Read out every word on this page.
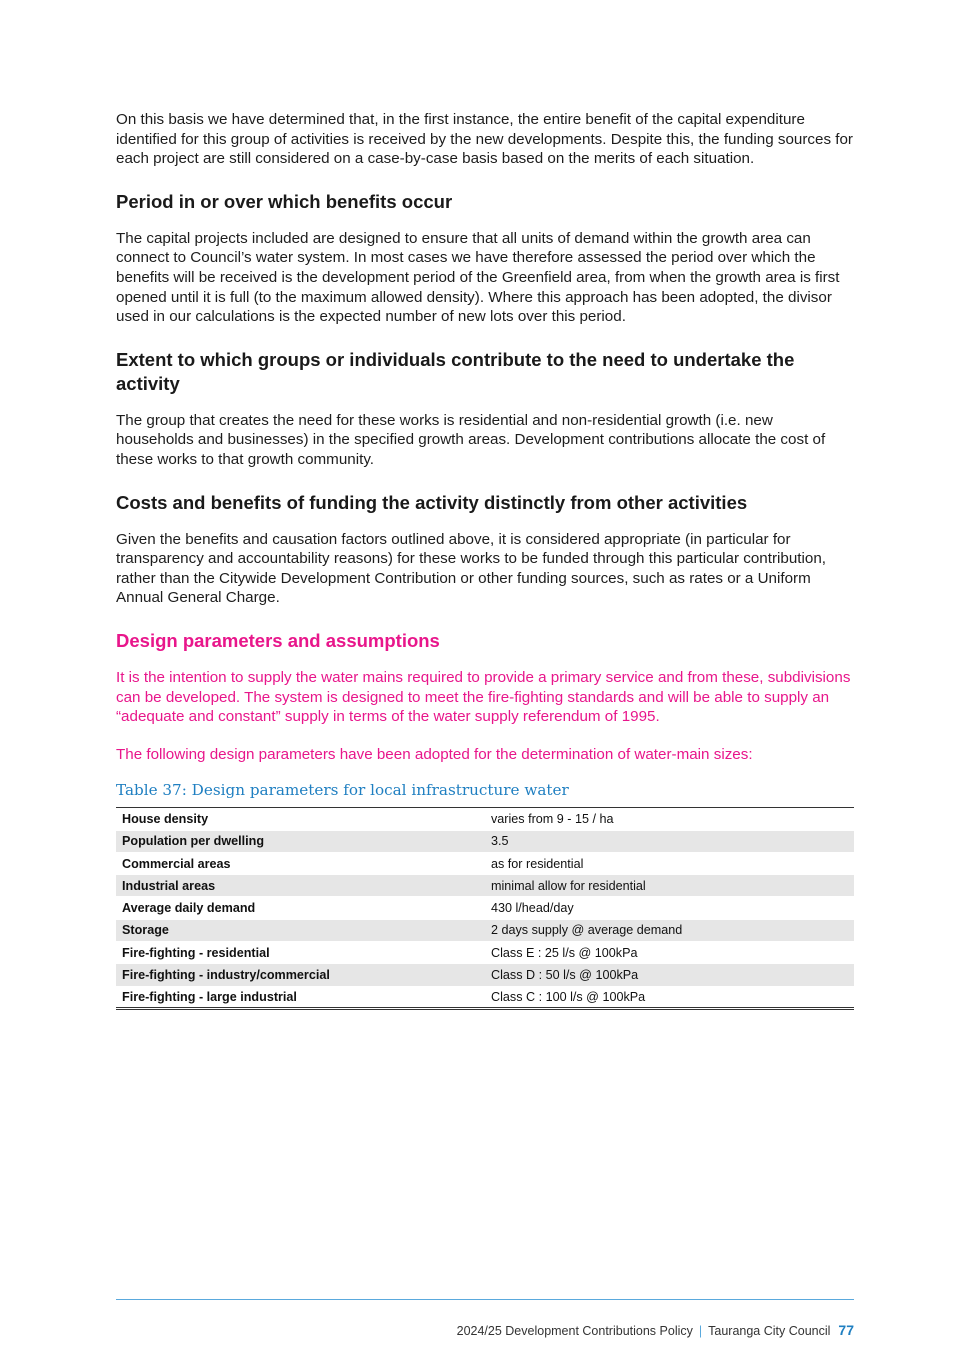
On this basis we have determined that, in the first instance, the entire benefit of the capital expenditure identified for this group of activities is received by the new developments. Despite this, the funding sources for each project are still considered on a case-by-case basis based on the merits of each situation.

Period in or over which benefits occur

The capital projects included are designed to ensure that all units of demand within the growth area can connect to Council’s water system. In most cases we have therefore assessed the period over which the benefits will be received is the development period of the Greenfield area, from when the growth area is first opened until it is full (to the maximum allowed density). Where this approach has been adopted, the divisor used in our calculations is the expected number of new lots over this period.

Extent to which groups or individuals contribute to the need to undertake the activity

The group that creates the need for these works is residential and non-residential growth (i.e. new households and businesses) in the specified growth areas. Development contributions allocate the cost of these works to that growth community.

Costs and benefits of funding the activity distinctly from other activities

Given the benefits and causation factors outlined above, it is considered appropriate (in particular for transparency and accountability reasons) for these works to be funded through this particular contribution, rather than the Citywide Development Contribution or other funding sources, such as rates or a Uniform Annual General Charge.

Design parameters and assumptions

It is the intention to supply the water mains required to provide a primary service and from these, subdivisions can be developed. The system is designed to meet the fire-fighting standards and will be able to supply an “adequate and constant” supply in terms of the water supply referendum of 1995.

The following design parameters have been adopted for the determination of water-main sizes:

Table 37: Design parameters for local infrastructure water
House density	varies from 9 - 15 / ha
Population per dwelling	3.5
Commercial areas	as for residential
Industrial areas	minimal allow for residential
Average daily demand	430 l/head/day
Storage	2 days supply @ average demand
Fire-fighting - residential	Class E : 25 l/s @ 100kPa
Fire-fighting - industry/commercial	Class D : 50 l/s @ 100kPa
Fire-fighting - large industrial	Class C : 100 l/s @ 100kPa
2024/25 Development Contributions Policy | Tauranga City Council 77
